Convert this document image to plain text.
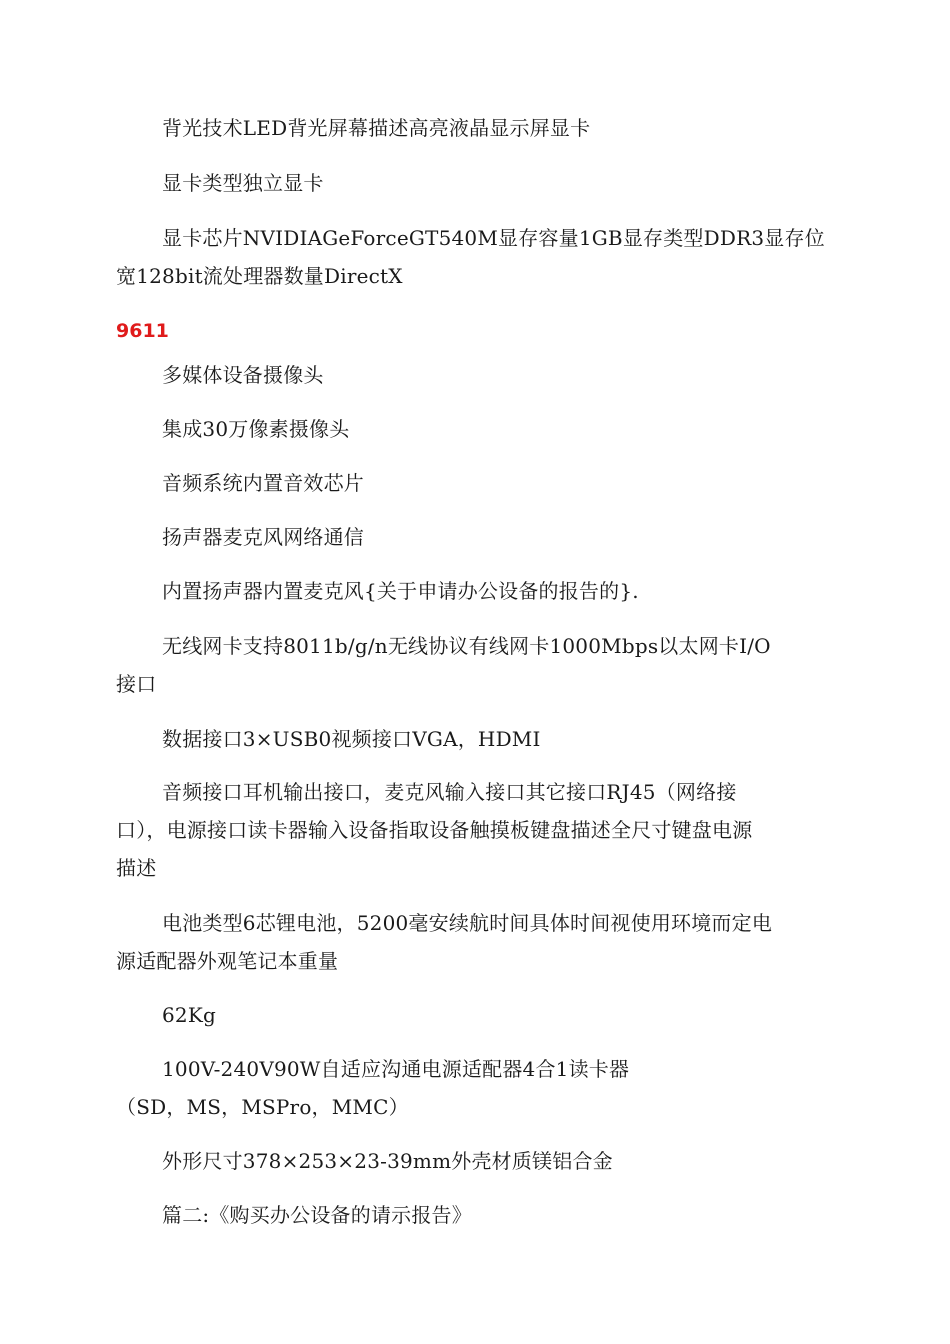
背光技术LED背光屏幕描述高亮液晶显示屏显卡
显卡类型独立显卡
显卡芯片NVIDIAGeForceGT540M显存容量1GB显存类型DDR3显存位
宽128bit流处理器数量DirectX
9611
多媒体设备摄像头
集成30万像素摄像头
音频系统内置音效芯片
扬声器麦克风网络通信
内置扬声器内置麦克风{关于申请办公设备的报告的}.
无线网卡支持8011b/g/n无线协议有线网卡1000Mbps以太网卡I/O
接口
数据接口3×USB0视频接口VGA，HDMI
音频接口耳机输出接口，麦克风输入接口其它接口RJ45（网络接
口），电源接口读卡器输入设备指取设备触摸板键盘描述全尺寸键盘电源
描述
电池类型6芯锂电池，5200毫安续航时间具体时间视使用环境而定电
源适配器外观笔记本重量
62Kg
100V-240V90W自适应沟通电源适配器4合1读卡器
（SD，MS，MSPro，MMC）
外形尺寸378×253×23-39mm外壳材质镁铝合金
篇二:《购买办公设备的请示报告》
